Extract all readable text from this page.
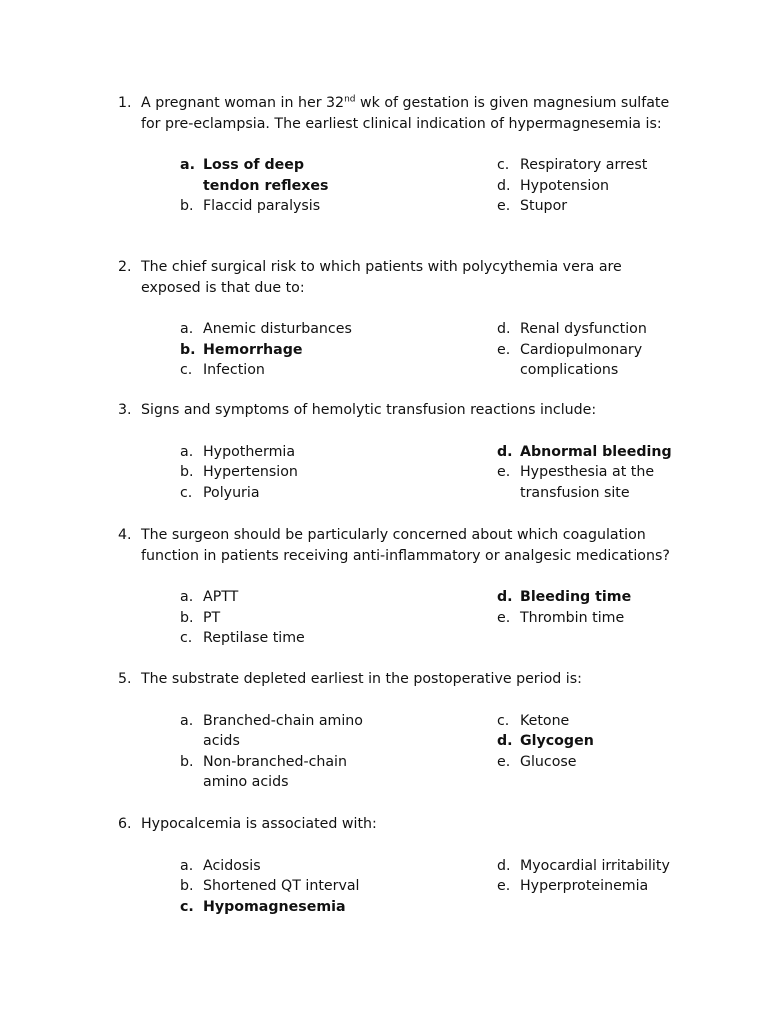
1. A pregnant woman in her 32nd wk of gestation is given magnesium sulfate for pre-eclampsia. The earliest clinical indication of hypermagnesemia is:
a. Loss of deep tendon reflexes
b. Flaccid paralysis
c. Respiratory arrest
d. Hypotension
e. Stupor
2. The chief surgical risk to which patients with polycythemia vera are exposed is that due to:
a. Anemic disturbances
b. Hemorrhage
c. Infection
d. Renal dysfunction
e. Cardiopulmonary complications
3. Signs and symptoms of hemolytic transfusion reactions include:
a. Hypothermia
b. Hypertension
c. Polyuria
d. Abnormal bleeding
e. Hypesthesia at the transfusion site
4. The surgeon should be particularly concerned about which coagulation function in patients receiving anti-inflammatory or analgesic medications?
a. APTT
b. PT
c. Reptilase time
d. Bleeding time
e. Thrombin time
5. The substrate depleted earliest in the postoperative period is:
a. Branched-chain amino acids
b. Non-branched-chain amino acids
c. Ketone
d. Glycogen
e. Glucose
6. Hypocalcemia is associated with:
a. Acidosis
b. Shortened QT interval
c. Hypomagnesemia
d. Myocardial irritability
e. Hyperproteinemia
